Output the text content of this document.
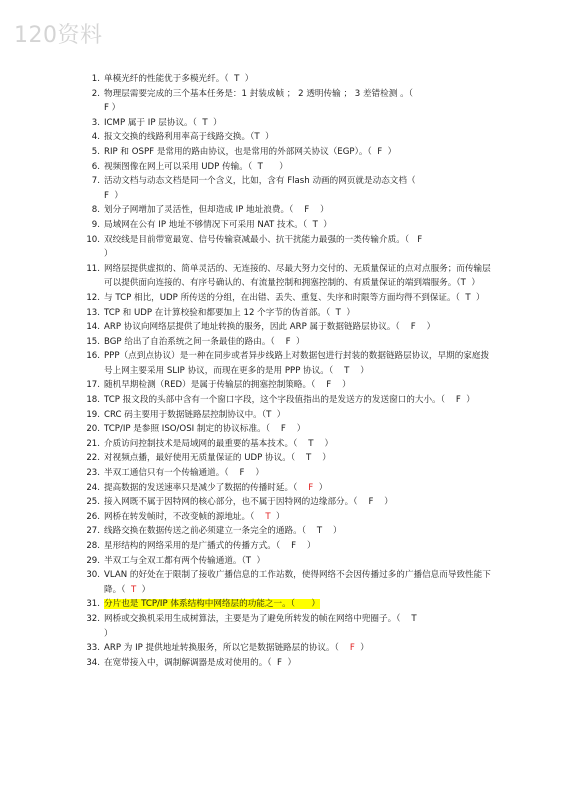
120资料
1. 单模光纤的性能优于多模光纤。（  T  ）
2. 物理层需要完成的三个基本任务是：1 封装成帧 ； 2 透明传输 ； 3 差错检测 。（
F ）
3. ICMP 属于 IP 层协议。（  T  ）
4. 报文交换的线路利用率高于线路交换。（T  ）
5. RIP 和 OSPF 是常用的路由协议，也是常用的外部网关协议（EGP）。（  F  ）
6. 视频图像在网上可以采用 UDP 传输。（  T      ）
7. 活动文档与动态文档是同一个含义，比如，含有 Flash 动画的网页就是动态文档（
F  ）
8. 划分子网增加了灵活性，但却造成 IP 地址浪费。（    F    ）
9. 局域网在公有 IP 地址不够情况下可采用 NAT 技术。（  T  ）
10. 双绞线是目前带宽最宽、信号传输衰减最小、抗干扰能力最强的一类传输介质。（   F
）
11. 网络层提供虚拟的、简单灵活的、无连接的、尽最大努力交付的、无质量保证的点对点服务；而传输层可以提供面向连接的、有序号确认的、有流量控制和拥塞控制的、有质量保证的端到端服务。（T  ）
12. 与 TCP 相比，UDP 所传送的分组，在出错、丢失、重复、失序和时限等方面均得不到保证。（  T  ）
13. TCP 和 UDP 在计算校验和都要加上 12 个字节的伪首部。（  T  ）
14. ARP 协议向网络层提供了地址转换的服务，因此 ARP 属于数据链路层协议。（    F    ）
15. BGP 给出了自治系统之间一条最佳的路由。（    F  ）
16. PPP（点到点协议）是一种在同步或者异步线路上对数据包进行封装的数据链路层协议，早期的家庭拨号上网主要采用 SLIP 协议，而现在更多的是用 PPP 协议。（    T    ）
17. 随机早期检测（RED）是属于传输层的拥塞控制策略。（    F    ）
18. TCP 报文段的头部中含有一个窗口字段，这个字段值指出的是发送方的发送窗口的大小。（    F  ）
19. CRC 码主要用于数据链路层控制协议中。（T  ）
20. TCP/IP 是参照 ISO/OSI 制定的协议标准。（    F    ）
21. 介质访问控制技术是局域网的最重要的基本技术。（    T    ）
22. 对视频点播，最好使用无质量保证的 UDP 协议。（    T    ）
23. 半双工通信只有一个传输通道。（    F    ）
24. 提高数据的发送速率只是减少了数据的传播时延。（    F  ）
25. 接入网既不属于因特网的核心部分，也不属于因特网的边缘部分。（    F    ）
26. 网桥在转发帧时，不改变帧的源地址。（    T  ）
27. 线路交换在数据传送之前必须建立一条完全的通路。（    T    ）
28. 星形结构的网络采用的是广播式的传播方式。（    F    ）
29. 半双工与全双工都有两个传输通道。（T  ）
30. VLAN 的好处在于限制了接收广播信息的工作站数，使得网络不会因传播过多的广播信息而导致性能下降。（  T  ）
31. 分片也是 TCP/IP 体系结构中网络层的功能之一。（      ）
32. 网桥或交换机采用生成树算法，主要是为了避免所转发的帧在网络中兜圈子。（    T
）
33. ARP 为 IP 提供地址转换服务，所以它是数据链路层的协议。（    F  ）
34. 在宽带接入中，调制解调器是成对使用的。（  F  ）
